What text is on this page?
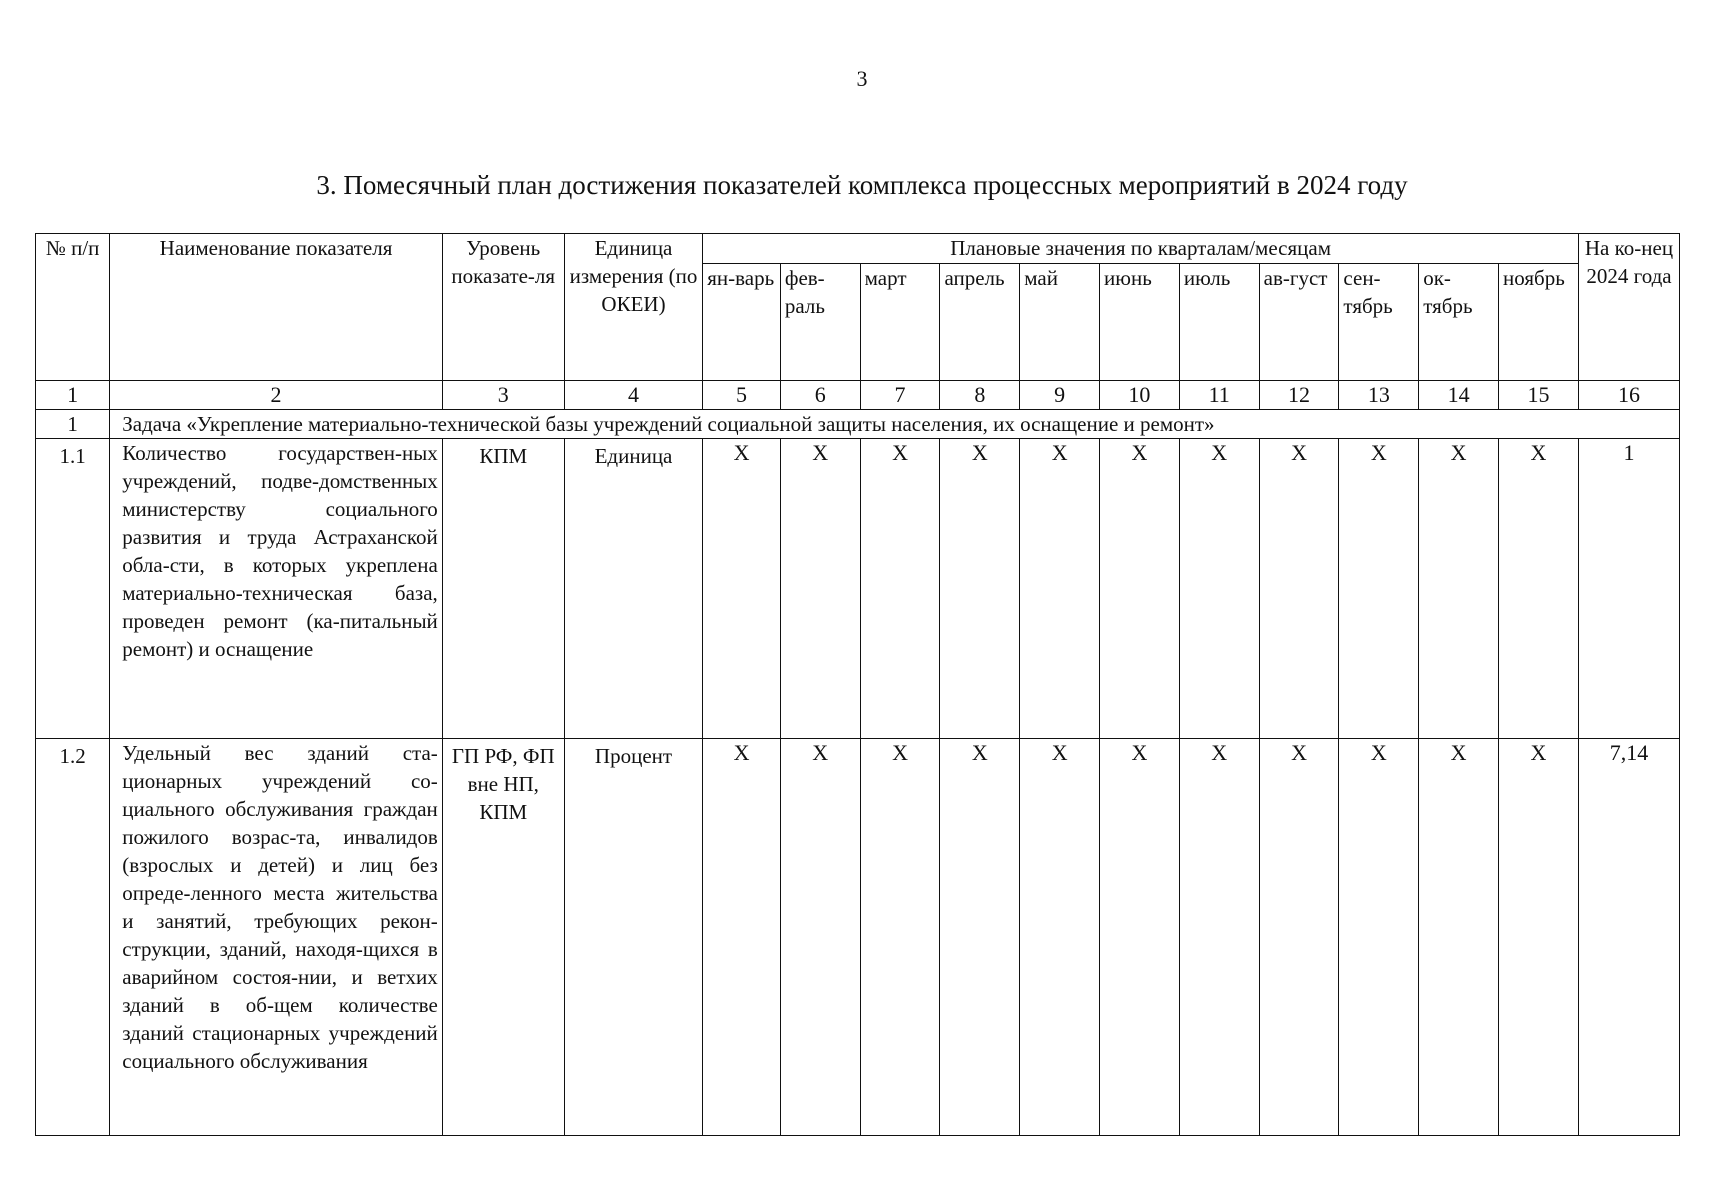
3
3. Помесячный план достижения показателей комплекса процессных мероприятий в 2024 году
№ п/п	Наименование показателя	Уровень показате-ля	Единица измерения (по ОКЕИ)	Плановые значения по кварталам/месяцам											На ко-нец 2024 года
				ян-варь	фев-раль	март	апрель	май	июнь	июль	ав-густ	сен-тябрь	ок-тябрь	ноябрь	
1	2	3	4	5	6	7	8	9	10	11	12	13	14	15	16
1	Задача «Укрепление материально-технической базы учреждений социальной защиты населения, их оснащение и ремонт»														
1.1	Количество государствен-ных учреждений, подве-домственных министерству социального развития и труда Астраханской обла-сти, в которых укреплена материально-техническая база, проведен ремонт (ка-питальный ремонт) и оснащение	КПМ	Единица	X	X	X	X	X	X	X	X	X	X	X	1
1.2	Удельный вес зданий ста-ционарных учреждений со-циального обслуживания граждан пожилого возрас-та, инвалидов (взрослых и детей) и лиц без опреде-ленного места жительства и занятий, требующих рекон-струкции, зданий, находя-щихся в аварийном состоя-нии, и ветхих зданий в об-щем количестве зданий стационарных учреждений социального обслуживания	ГП РФ, ФП вне НП, КПМ	Процент	X	X	X	X	X	X	X	X	X	X	X	7,14
